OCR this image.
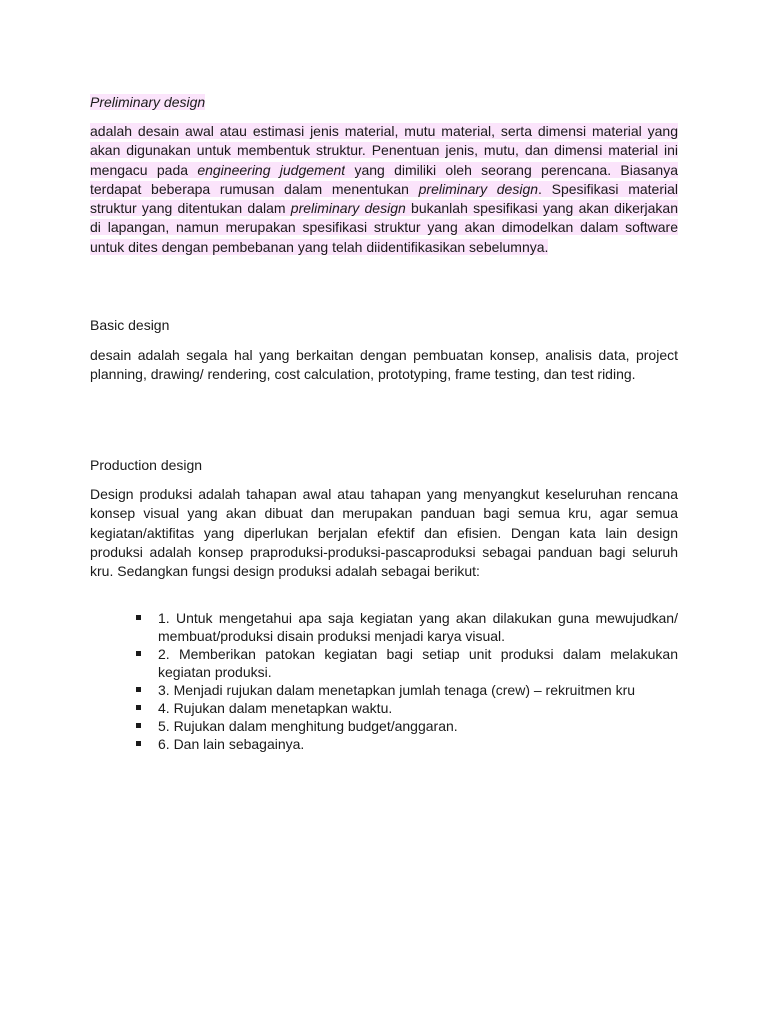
Preliminary design

adalah desain awal atau estimasi jenis material, mutu material, serta dimensi material yang akan digunakan untuk membentuk struktur. Penentuan jenis, mutu, dan dimensi material ini mengacu pada engineering judgement yang dimiliki oleh seorang perencana. Biasanya terdapat beberapa rumusan dalam menentukan preliminary design. Spesifikasi material struktur yang ditentukan dalam preliminary design bukanlah spesifikasi yang akan dikerjakan di lapangan, namun merupakan spesifikasi struktur yang akan dimodelkan dalam software untuk dites dengan pembebanan yang telah diidentifikasikan sebelumnya.

Basic design

desain adalah segala hal yang berkaitan dengan pembuatan konsep, analisis data, project planning, drawing/ rendering, cost calculation, prototyping, frame testing, dan test riding.

Production design

Design produksi adalah tahapan awal atau tahapan yang menyangkut keseluruhan rencana konsep visual yang akan dibuat dan merupakan panduan bagi semua kru, agar semua kegiatan/aktifitas yang diperlukan berjalan efektif dan efisien. Dengan kata lain design produksi adalah konsep praproduksi-produksi-pascaproduksi sebagai panduan bagi seluruh kru. Sedangkan fungsi design produksi adalah sebagai berikut:

1. Untuk mengetahui apa saja kegiatan yang akan dilakukan guna mewujudkan/ membuat/produksi disain produksi menjadi karya visual.
2. Memberikan patokan kegiatan bagi setiap unit produksi dalam melakukan kegiatan produksi.
3. Menjadi rujukan dalam menetapkan jumlah tenaga (crew) – rekruitmen kru
4. Rujukan dalam menetapkan waktu.
5. Rujukan dalam menghitung budget/anggaran.
6. Dan lain sebagainya.
